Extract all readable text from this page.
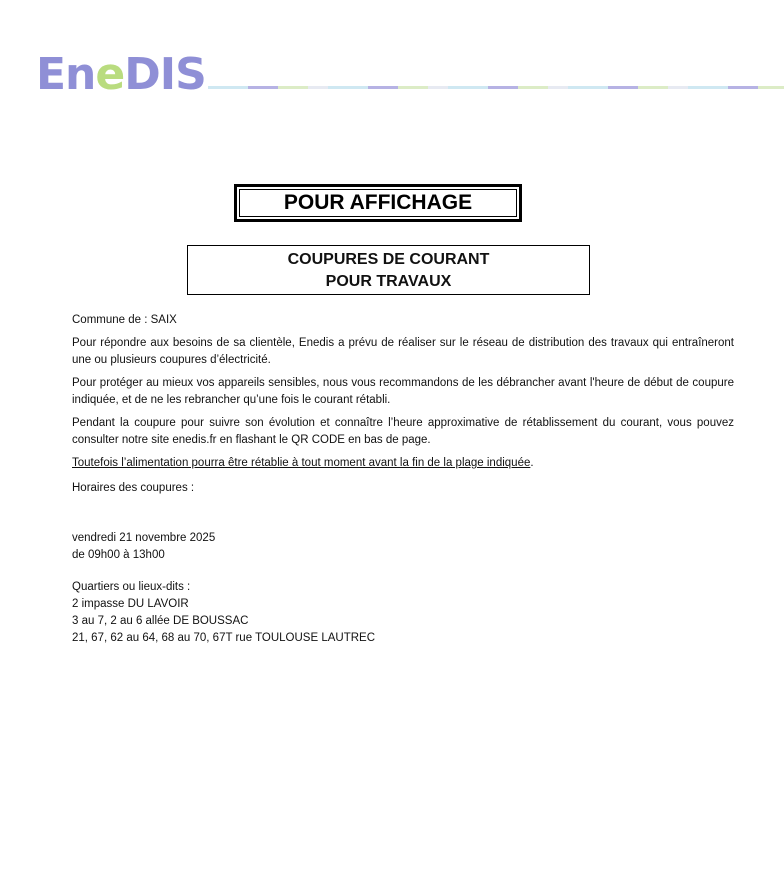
EneDIS
POUR AFFICHAGE
COUPURES DE COURANT
POUR TRAVAUX

Commune de : SAIX

Pour répondre aux besoins de sa clientèle, Enedis a prévu de réaliser sur le réseau de distribution des travaux qui entraîneront une ou plusieurs coupures d’électricité.

Pour protéger au mieux vos appareils sensibles, nous vous recommandons de les débrancher avant l'heure de début de coupure indiquée, et de ne les rebrancher qu’une fois le courant rétabli.

Pendant la coupure pour suivre son évolution et connaître l’heure approximative de rétablissement du courant, vous pouvez consulter notre site enedis.fr en flashant le QR CODE en bas de page.

Toutefois l’alimentation pourra être rétablie à tout moment avant la fin de la plage indiquée.

Horaires des coupures :

vendredi 21 novembre 2025
de 09h00 à 13h00
Quartiers ou lieux-dits :
2 impasse DU LAVOIR
3 au 7, 2 au 6 allée DE BOUSSAC
21, 67, 62 au 64, 68 au 70, 67T rue TOULOUSE LAUTREC
